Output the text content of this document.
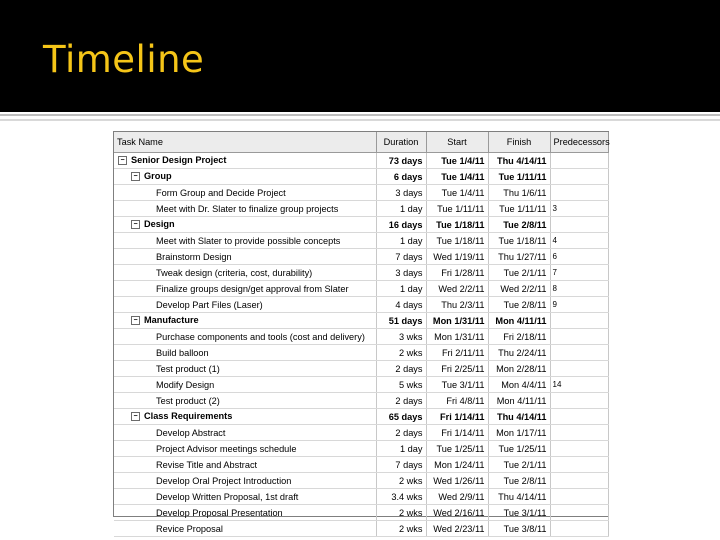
Timeline
Task Name	Duration	Start	Finish	Predecessors
− Senior Design Project	73 days	Tue 1/4/11	Thu 4/14/11	
− Group	6 days	Tue 1/4/11	Tue 1/11/11	
Form Group and Decide Project	3 days	Tue 1/4/11	Thu 1/6/11	
Meet with Dr. Slater to finalize group projects	1 day	Tue 1/11/11	Tue 1/11/11	3
− Design	16 days	Tue 1/18/11	Tue 2/8/11	
Meet with Slater to provide possible concepts	1 day	Tue 1/18/11	Tue 1/18/11	4
Brainstorm Design	7 days	Wed 1/19/11	Thu 1/27/11	6
Tweak design (criteria, cost, durability)	3 days	Fri 1/28/11	Tue 2/1/11	7
Finalize groups design/get approval from Slater	1 day	Wed 2/2/11	Wed 2/2/11	8
Develop Part Files (Laser)	4 days	Thu 2/3/11	Tue 2/8/11	9
− Manufacture	51 days	Mon 1/31/11	Mon 4/11/11	
Purchase components and tools (cost and delivery)	3 wks	Mon 1/31/11	Fri 2/18/11	
Build balloon	2 wks	Fri 2/11/11	Thu 2/24/11	
Test product (1)	2 days	Fri 2/25/11	Mon 2/28/11	
Modify Design	5 wks	Tue 3/1/11	Mon 4/4/11	14
Test product (2)	2 days	Fri 4/8/11	Mon 4/11/11	
− Class Requirements	65 days	Fri 1/14/11	Thu 4/14/11	
Develop Abstract	2 days	Fri 1/14/11	Mon 1/17/11	
Project Advisor meetings schedule	1 day	Tue 1/25/11	Tue 1/25/11	
Revise Title and Abstract	7 days	Mon 1/24/11	Tue 2/1/11	
Develop Oral Project Introduction	2 wks	Wed 1/26/11	Tue 2/8/11	
Develop Written Proposal, 1st draft	3.4 wks	Wed 2/9/11	Thu 4/14/11	
Develop Proposal Presentation	2 wks	Wed 2/16/11	Tue 3/1/11	
Revice Proposal	2 wks	Wed 2/23/11	Tue 3/8/11	
